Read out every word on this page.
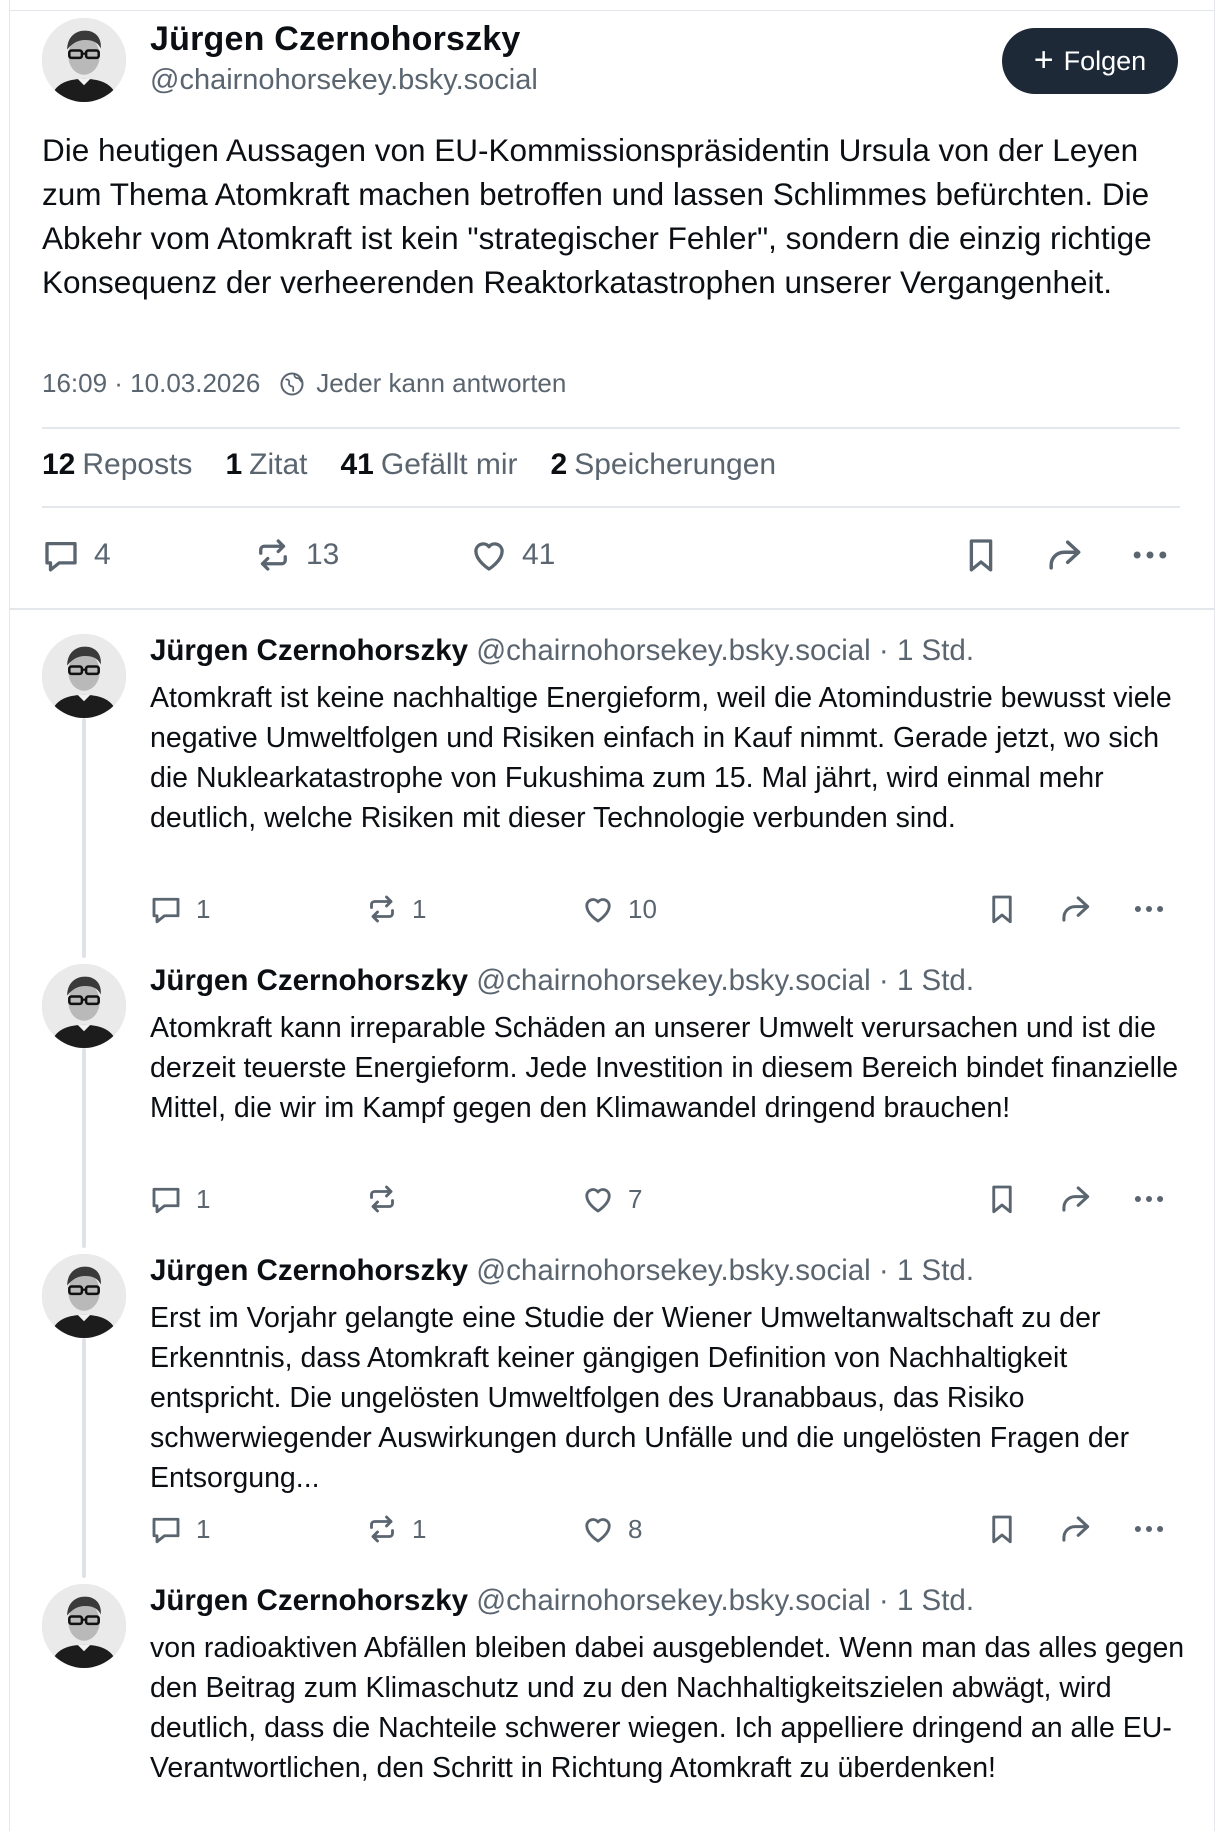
Jürgen Czernohorszky
@chairnohorsekey.bsky.social
+ Folgen
Die heutigen Aussagen von EU-Kommissionspräsidentin Ursula von der Leyen zum Thema Atomkraft machen betroffen und lassen Schlimmes befürchten. Die Abkehr vom Atomkraft ist kein "strategischer Fehler", sondern die einzig richtige Konsequenz der verheerenden Reaktorkatastrophen unserer Vergangenheit.
16:09 · 10.03.2026 Jeder kann antworten
12 Reposts 1 Zitat 41 Gefällt mir 2 Speicherungen
4	13	41
Jürgen Czernohorszky @chairnohorsekey.bsky.social · 1 Std.
Atomkraft ist keine nachhaltige Energieform, weil die Atomindustrie bewusst viele negative Umweltfolgen und Risiken einfach in Kauf nimmt. Gerade jetzt, wo sich die Nuklearkatastrophe von Fukushima zum 15. Mal jährt, wird einmal mehr deutlich, welche Risiken mit dieser Technologie verbunden sind.
1	1	10
Jürgen Czernohorszky @chairnohorsekey.bsky.social · 1 Std.
Atomkraft kann irreparable Schäden an unserer Umwelt verursachen und ist die derzeit teuerste Energieform. Jede Investition in diesem Bereich bindet finanzielle Mittel, die wir im Kampf gegen den Klimawandel dringend brauchen!
1	7
Jürgen Czernohorszky @chairnohorsekey.bsky.social · 1 Std.
Erst im Vorjahr gelangte eine Studie der Wiener Umweltanwaltschaft zu der Erkenntnis, dass Atomkraft keiner gängigen Definition von Nachhaltigkeit entspricht. Die ungelösten Umweltfolgen des Uranabbaus, das Risiko schwerwiegender Auswirkungen durch Unfälle und die ungelösten Fragen der Entsorgung...
1	1	8
Jürgen Czernohorszky @chairnohorsekey.bsky.social · 1 Std.
von radioaktiven Abfällen bleiben dabei ausgeblendet. Wenn man das alles gegen den Beitrag zum Klimaschutz und zu den Nachhaltigkeitszielen abwägt, wird deutlich, dass die Nachteile schwerer wiegen. Ich appelliere dringend an alle EU-Verantwortlichen, den Schritt in Richtung Atomkraft zu überdenken!
